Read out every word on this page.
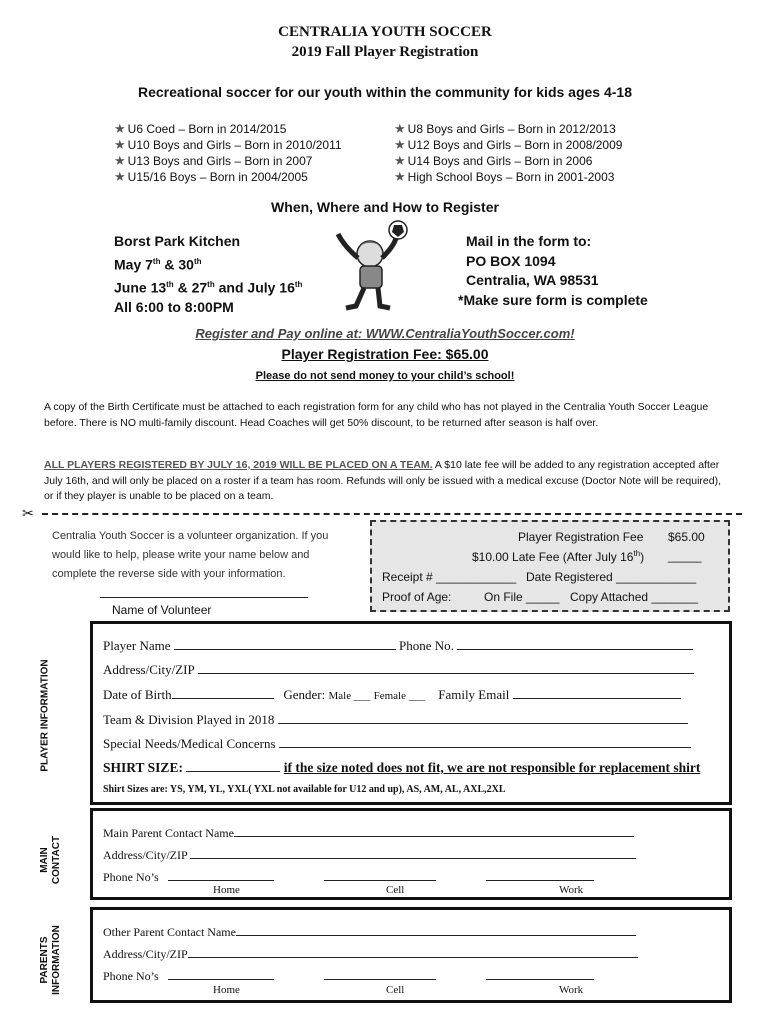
CENTRALIA YOUTH SOCCER
2019 Fall Player Registration
Recreational soccer for our youth within the community for kids ages 4-18
★ U6 Coed – Born in 2014/2015
★ U10 Boys and Girls – Born in 2010/2011
★ U13 Boys and Girls – Born in 2007
★ U15/16 Boys – Born in 2004/2005
★ U8 Boys and Girls – Born in 2012/2013
★ U12 Boys and Girls – Born in 2008/2009
★ U14 Boys and Girls – Born in 2006
★ High School Boys – Born in 2001-2003
When, Where and How to Register
Borst Park Kitchen
May 7th & 30th
June 13th & 27th and July 16th
All 6:00 to 8:00PM
Mail in the form to:
PO BOX 1094
Centralia, WA 98531
*Make sure form is complete
Register and Pay online at: WWW.CentraliaYouthSoccer.com!
Player Registration Fee: $65.00
Please do not send money to your child’s school!
A copy of the Birth Certificate must be attached to each registration form for any child who has not played in the Centralia Youth Soccer League before. There is NO multi-family discount. Head Coaches will get 50% discount, to be returned after season is half over.
ALL PLAYERS REGISTERED BY JULY 16, 2019 WILL BE PLACED ON A TEAM. A $10 late fee will be added to any registration accepted after July 16th, and will only be placed on a roster if a team has room. Refunds will only be issued with a medical excuse (Doctor Note will be required), or if they player is unable to be placed on a team.
✂
Centralia Youth Soccer is a volunteer organization. If you would like to help, please write your name below and complete the reverse side with your information.
Name of Volunteer
Player Registration Fee $65.00
$10.00 Late Fee (After July 16th) _____
Receipt # ____________ Date Registered ____________
Proof of Age:	On File _____ Copy Attached _______
PLAYER INFORMATION
Player Name	Phone No.
Address/City/ZIP
Date of Birth	Gender: Male ___ Female ___ Family Email
Team & Division Played in 2018
Special Needs/Medical Concerns
SHIRT SIZE:	if the size noted does not fit, we are not responsible for replacement shirt
Shirt Sizes are: YS, YM, YL, YXL( YXL not available for U12 and up), AS, AM, AL, AXL,2XL
MAIN
CONTACT
Main Parent Contact Name
Address/City/ZIP
Phone No’s
Home	Cell	Work
PARENTS
INFORMATION	Other Parent Contact Name
Address/City/ZIP
Phone No’s
Home	Cell	Work
